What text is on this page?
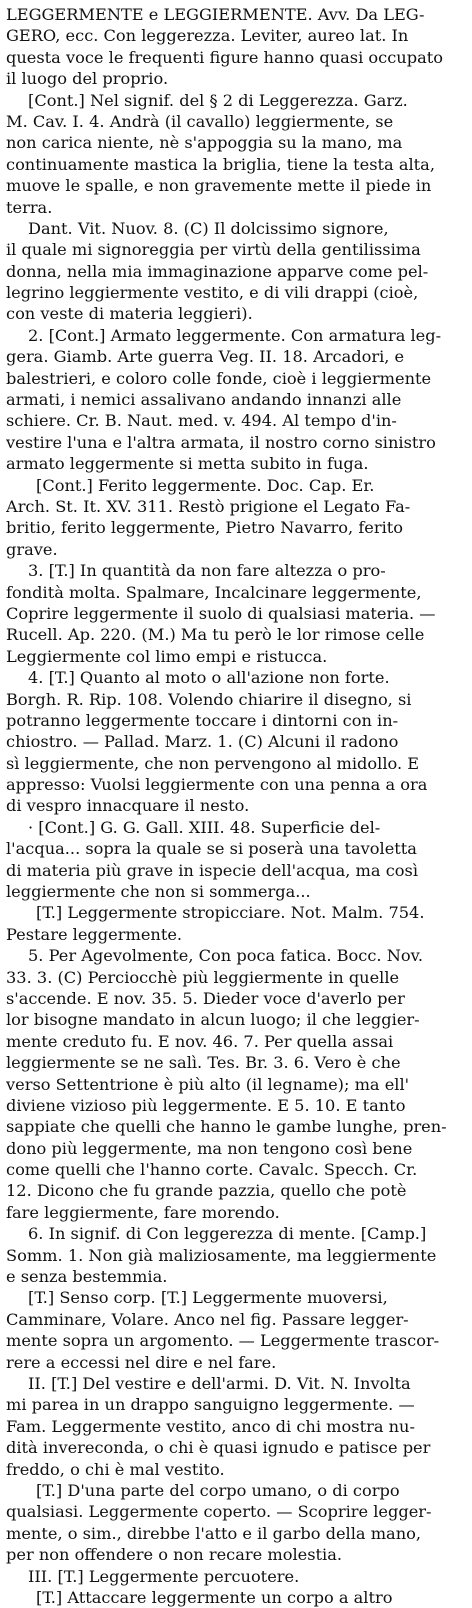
LEGGERMENTE e LEGGIERMENTE. Avv. Da LEG-
GERO, ecc. Con leggerezza. Leviter, aureo lat. In
questa voce le frequenti figure hanno quasi occupato
il luogo del proprio.
[Cont.] Nel signif. del § 2 di Leggerezza. Garz.
M. Cav. I. 4. Andrà (il cavallo) leggiermente, se
non carica niente, nè s'appoggia su la mano, ma
continuamente mastica la briglia, tiene la testa alta,
muove le spalle, e non gravemente mette il piede in
terra.
Dant. Vit. Nuov. 8. (C) Il dolcissimo signore,
il quale mi signoreggia per virtù della gentilissima
donna, nella mia immaginazione apparve come pel-
legrino leggiermente vestito, e di vili drappi (cioè,
con veste di materia leggieri).
2. [Cont.] Armato leggermente. Con armatura leg-
gera. Giamb. Arte guerra Veg. II. 18. Arcadori, e
balestrieri, e coloro colle fonde, cioè i leggiermente
armati, i nemici assalivano andando innanzi alle
schiere. Cr. B. Naut. med. v. 494. Al tempo d'in-
vestire l'una e l'altra armata, il nostro corno sinistro
armato leggermente si metta subito in fuga.
[Cont.] Ferito leggermente. Doc. Cap. Er.
Arch. St. It. XV. 311. Restò prigione el Legato Fa-
britio, ferito leggermente, Pietro Navarro, ferito
grave.
3. [T.] In quantità da non fare altezza o pro-
fondità molta. Spalmare, Incalcinare leggermente,
Coprire leggermente il suolo di qualsiasi materia. —
Rucell. Ap. 220. (M.) Ma tu però le lor rimose celle
Leggiermente col limo empi e ristucca.
4. [T.] Quanto al moto o all'azione non forte.
Borgh. R. Rip. 108. Volendo chiarire il disegno, si
potranno leggermente toccare i dintorni con in-
chiostro. — Pallad. Marz. 1. (C) Alcuni il radono
sì leggiermente, che non pervengono al midollo. E
appresso: Vuolsi leggiermente con una penna a ora
di vespro innacquare il nesto.
· [Cont.] G. G. Gall. XIII. 48. Superficie del-
l'acqua... sopra la quale se si poserà una tavoletta
di materia più grave in ispecie dell'acqua, ma così
leggiermente che non si sommerga...
[T.] Leggermente stropicciare. Not. Malm. 754.
Pestare leggermente.
5. Per Agevolmente, Con poca fatica. Bocc. Nov.
33. 3. (C) Perciocchè più leggiermente in quelle
s'accende. E nov. 35. 5. Dieder voce d'averlo per
lor bisogne mandato in alcun luogo; il che leggier-
mente creduto fu. E nov. 46. 7. Per quella assai
leggiermente se ne salì. Tes. Br. 3. 6. Vero è che
verso Settentrione è più alto (il legname); ma ell'
diviene vizioso più leggermente. E 5. 10. E tanto
sappiate che quelli che hanno le gambe lunghe, pren-
dono più leggermente, ma non tengono così bene
come quelli che l'hanno corte. Cavalc. Specch. Cr.
12. Dicono che fu grande pazzia, quello che potè
fare leggiermente, fare morendo.
6. In signif. di Con leggerezza di mente. [Camp.]
Somm. 1. Non già maliziosamente, ma leggiermente
e senza bestemmia.
[T.] Senso corp. [T.] Leggermente muoversi,
Camminare, Volare. Anco nel fig. Passare legger-
mente sopra un argomento. — Leggermente trascor-
rere a eccessi nel dire e nel fare.
II. [T.] Del vestire e dell'armi. D. Vit. N. Involta
mi parea in un drappo sanguigno leggermente. —
Fam. Leggermente vestito, anco di chi mostra nu-
dità invereconda, o chi è quasi ignudo e patisce per
freddo, o chi è mal vestito.
[T.] D'una parte del corpo umano, o di corpo
qualsiasi. Leggermente coperto. — Scoprire legger-
mente, o sim., direbbe l'atto e il garbo della mano,
per non offendere o non recare molestia.
III. [T.] Leggermente percuotere.
[T.] Attaccare leggermente un corpo a altro
